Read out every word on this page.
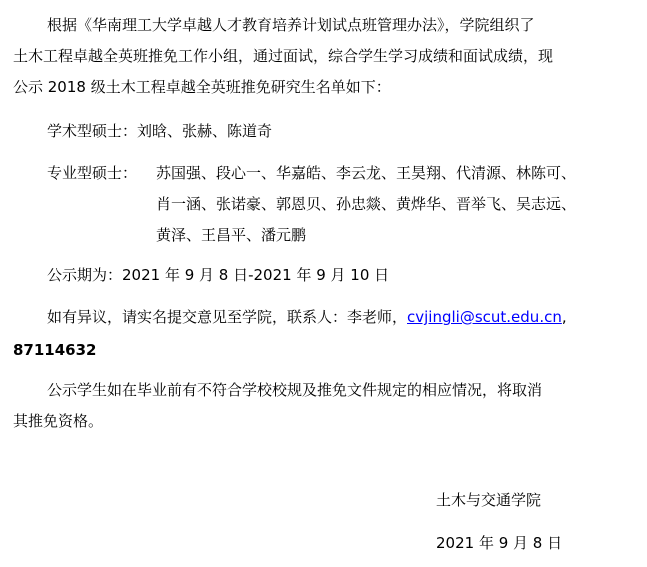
根据《华南理工大学卓越人才教育培养计划试点班管理办法》，学院组织了
土木工程卓越全英班推免工作小组，通过面试，综合学生学习成绩和面试成绩，现
公示 2018 级土木工程卓越全英班推免研究生名单如下：
学术型硕士：刘晗、张赫、陈道奇
专业型硕士： 苏国强、段心一、华嘉皓、李云龙、王昊翔、代清源、林陈可、
肖一涵、张诺豪、郭恩贝、孙忠燚、黄烨华、晋举飞、吴志远、
黄泽、王昌平、潘元鹏
公示期为：2021 年 9 月 8 日-2021 年 9 月 10 日
如有异议，请实名提交意见至学院，联系人：李老师，cvjingli@scut.edu.cn,
87114632
公示学生如在毕业前有不符合学校校规及推免文件规定的相应情况，将取消
其推免资格。
土木与交通学院
2021 年 9 月 8 日
